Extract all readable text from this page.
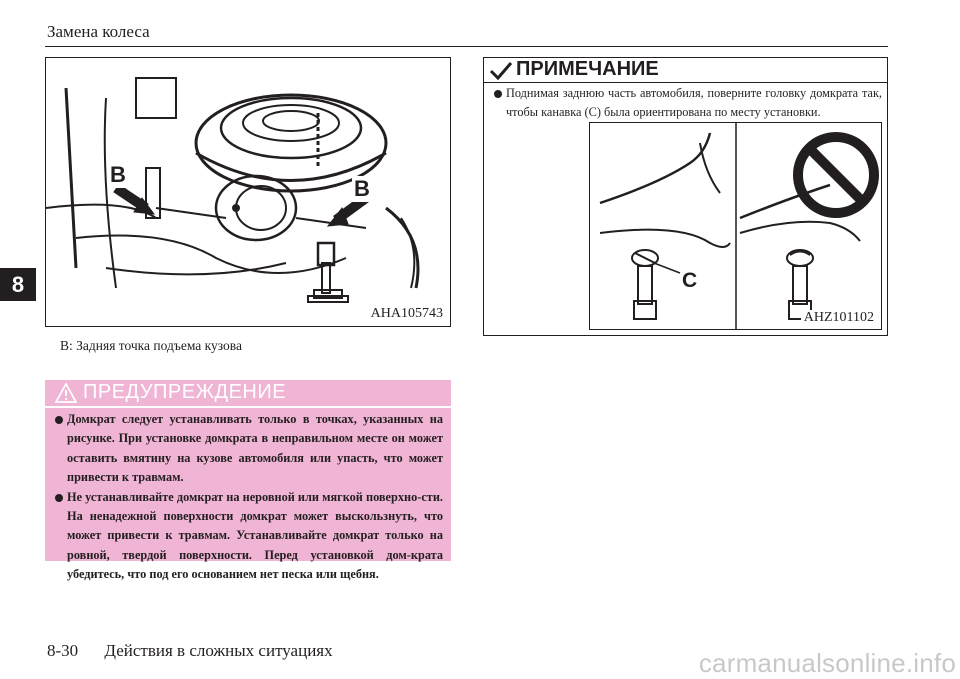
Замена колеса
8
B
B
AHA105743
B: Задняя точка подъема кузова
ПРЕДУПРЕЖДЕНИЕ

Домкрат следует устанавливать только в точках, указанных на рисунке. При установке домкрата в неправильном месте он может оставить вмятину на кузове автомобиля или упасть, что может привести к травмам.

Не устанавливайте домкрат на неровной или мягкой поверхно-сти. На ненадежной поверхности домкрат может выскользнуть, что может привести к травмам. Устанавливайте домкрат только на ровной, твердой поверхности. Перед установкой дом-крата убедитесь, что под его основанием нет песка или щебня.

ПРИМЕЧАНИЕ

Поднимая заднюю часть автомобиля, поверните головку домкрата так, чтобы канавка (C) была ориентирована по месту установки.

C
AHZ101102
8-30 Действия в сложных ситуациях	carmanualsonline.info
